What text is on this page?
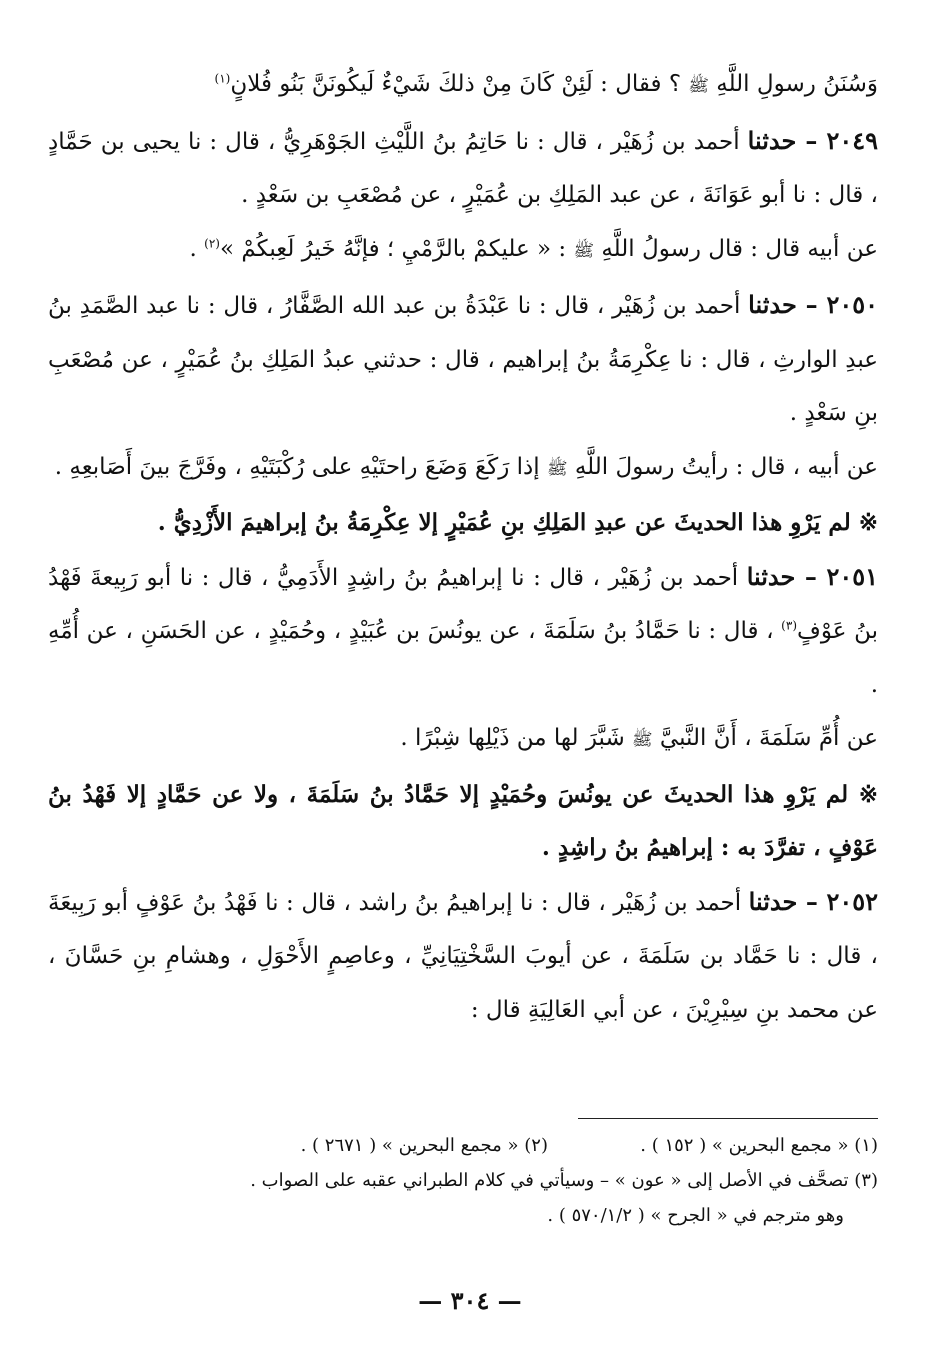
وَسُنَنُ رسولِ اللَّهِ ﷺ ؟ فقال : لَئِنْ كَانَ مِنْ ذلكَ شَيْءٌ لَيكُونَنَّ بَنُو فُلانٍ$^{(١)}$

٢٠٤٩ – حدثنا أحمد بن زُهَيْر ، قال : نا حَاتِمُ بنُ اللَّيْثِ الجَوْهَرِيُّ ، قال : نا يحيى بن حَمَّادٍ ، قال : نا أبو عَوَانَةَ ، عن عبد المَلِكِ بن عُمَيْرٍ ، عن مُصْعَبِ بن سَعْدٍ .

عن أبيه قال : قال رسولُ اللَّهِ ﷺ : « عليكمْ بالرَّمْيِ ؛ فإنَّهُ خَيرُ لَعِبكُمْ »$^{(٢)}$ .

٢٠٥٠ – حدثنا أحمد بن زُهَيْر ، قال : نا عَبْدَةُ بن عبد الله الصَّفَّارُ ، قال : نا عبد الصَّمَدِ بنُ عبدِ الوارثِ ، قال : نا عِكْرِمَةُ بنُ إبراهيم ، قال : حدثني عبدُ المَلِكِ بنُ عُمَيْرٍ ، عن مُصْعَبِ بنِ سَعْدٍ .

عن أبيه ، قال : رأيتُ رسولَ اللَّهِ ﷺ إذا رَكَعَ وَضَعَ راحتَيْهِ على رُكْبَتَيْهِ ، وفَرَّجَ بينَ أَصَابعِهِ .

※ لم يَرْوِ هذا الحديثَ عن عبدِ المَلِكِ بنِ عُمَيْرٍ إلا عِكْرِمَةُ بنُ إبراهيمَ الأَزْدِيُّ .

٢٠٥١ – حدثنا أحمد بن زُهَيْر ، قال : نا إبراهيمُ بنُ راشِدٍ الأَدَمِيُّ ، قال : نا أبو رَبِيعةَ فَهْدُ بنُ عَوْفٍ$^{(٣)}$ ، قال : نا حَمَّادُ بنُ سَلَمَةَ ، عن يونُسَ بن عُبَيْدٍ ، وحُمَيْدٍ ، عن الحَسَنِ ، عن أُمِّهِ .

عن أُمِّ سَلَمَةَ ، أَنَّ النَّبيَّ ﷺ شَبَّرَ لها من ذَيْلِها شِبْرًا .

※ لم يَرْوِ هذا الحديثَ عن يونُسَ وحُمَيْدٍ إلا حَمَّادُ بنُ سَلَمَةَ ، ولا عن حَمَّادٍ إلا فَهْدُ بنُ عَوْفٍ ، تفرَّدَ به : إبراهيمُ بنُ راشِدٍ .

٢٠٥٢ – حدثنا أحمد بن زُهَيْر ، قال : نا إبراهيمُ بنُ راشد ، قال : نا فَهْدُ بنُ عَوْفٍ أبو رَبِيعَةَ ، قال : نا حَمَّاد بن سَلَمَةَ ، عن أيوبَ السَّخْتِيَانِيِّ ، وعاصِمٍ الأَحْوَلِ ، وهشامِ بنِ حَسَّانَ ، عن محمد بنِ سِيْرِيْنَ ، عن أبي العَالِيَةِ قال :

(١) « مجمع البحرين » ( ١٥٢ ) .
(٢) « مجمع البحرين » ( ٢٦٧١ ) .
(٣) تصحَّف في الأصل إلى « عون » – وسيأتي في كلام الطبراني عقبه على الصواب .
وهو مترجم في « الجرح » ( ٥٧٠/١/٢ ) .
— ٣٠٤ —
